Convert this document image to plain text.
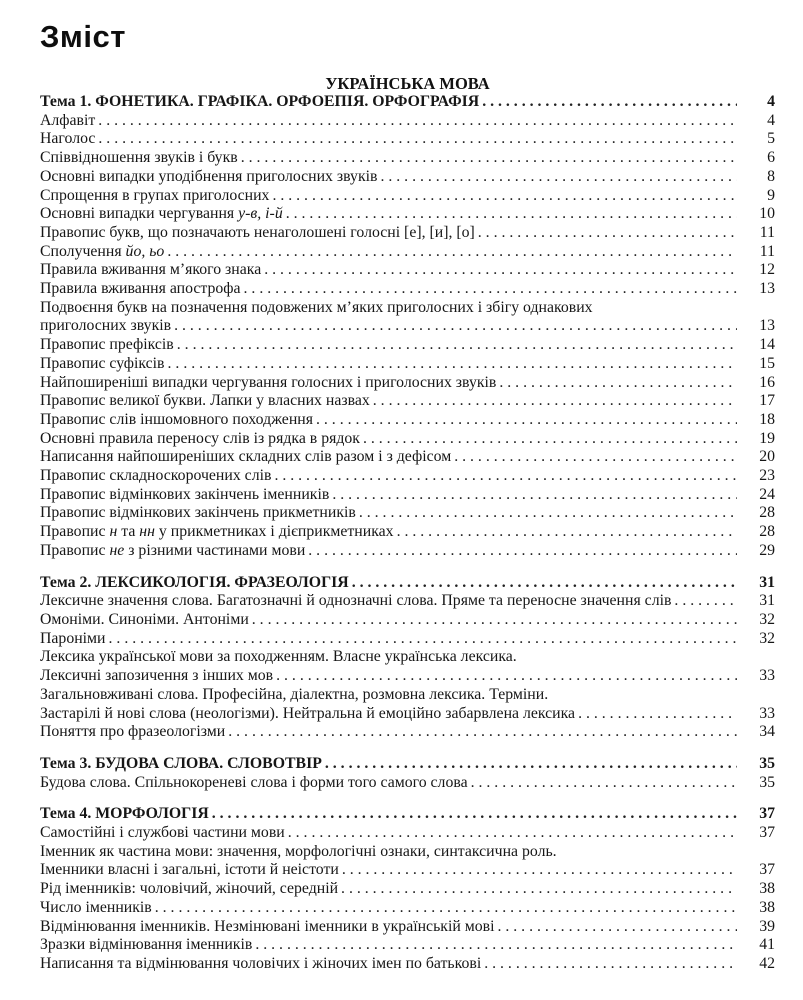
Зміст
УКРАЇНСЬКА МОВА
Тема 1. ФОНЕТИКА. ГРАФІКА. ОРФОЕПІЯ. ОРФОГРАФІЯ . . .	4
Алфавіт . . .	4
Наголос . . .	5
Співвідношення звуків і букв . . .	6
Основні випадки уподібнення приголосних звуків . . .	8
Спрощення в групах приголосних . . .	9
Основні випадки чергування у-в, і-й . . .	10
Правопис букв, що позначають ненаголошені голосні [е], [и], [о] . . .	11
Сполучення йо, ьо . . .	11
Правила вживання м’якого знака . . .	12
Правила вживання апострофа . . .	13
Подвоєння букв на позначення подовжених м’яких приголосних і збігу однакових
приголосних звуків . . .	13
Правопис префіксів . . .	14
Правопис суфіксів . . .	15
Найпоширеніші випадки чергування голосних і приголосних звуків . . .	16
Правопис великої букви. Лапки у власних назвах . . .	17
Правопис слів іншомовного походження . . .	18
Основні правила переносу слів із рядка в рядок . . .	19
Написання найпоширеніших складних слів разом і з дефісом . . .	20
Правопис складноскорочених слів . . .	23
Правопис відмінкових закінчень іменників . . .	24
Правопис відмінкових закінчень прикметників . . .	28
Правопис н та нн у прикметниках і дієприкметниках . . .	28
Правопис не з різними частинами мови . . .	29
Тема 2. ЛЕКСИКОЛОГІЯ. ФРАЗЕОЛОГІЯ . . .	31
Лексичне значення слова. Багатозначні й однозначні слова. Пряме та переносне значення слів . . .	31
Омоніми. Синоніми. Антоніми . . .	32
Пароніми . . .	32
Лексика української мови за походженням. Власне українська лексика.
Лексичні запозичення з інших мов . . .	33
Загальновживані слова. Професійна, діалектна, розмовна лексика. Терміни.
Застарілі й нові слова (неологізми). Нейтральна й емоційно забарвлена лексика . . .	33
Поняття про фразеологізми . . .	34
Тема 3. БУДОВА СЛОВА. СЛОВОТВІР . . .	35
Будова слова. Спільнокореневі слова і форми того самого слова . . .	35
Тема 4. МОРФОЛОГІЯ . . .	37
Самостійні і службові частини мови . . .	37
Іменник як частина мови: значення, морфологічні ознаки, синтаксична роль.
Іменники власні і загальні, істоти й неістоти . . .	37
Рід іменників: чоловічий, жіночий, середній . . .	38
Число іменників . . .	38
Відмінювання іменників. Незмінювані іменники в українській мові . . .	39
Зразки відмінювання іменників . . .	41
Написання та відмінювання чоловічих і жіночих імен по батькові . . .	42
